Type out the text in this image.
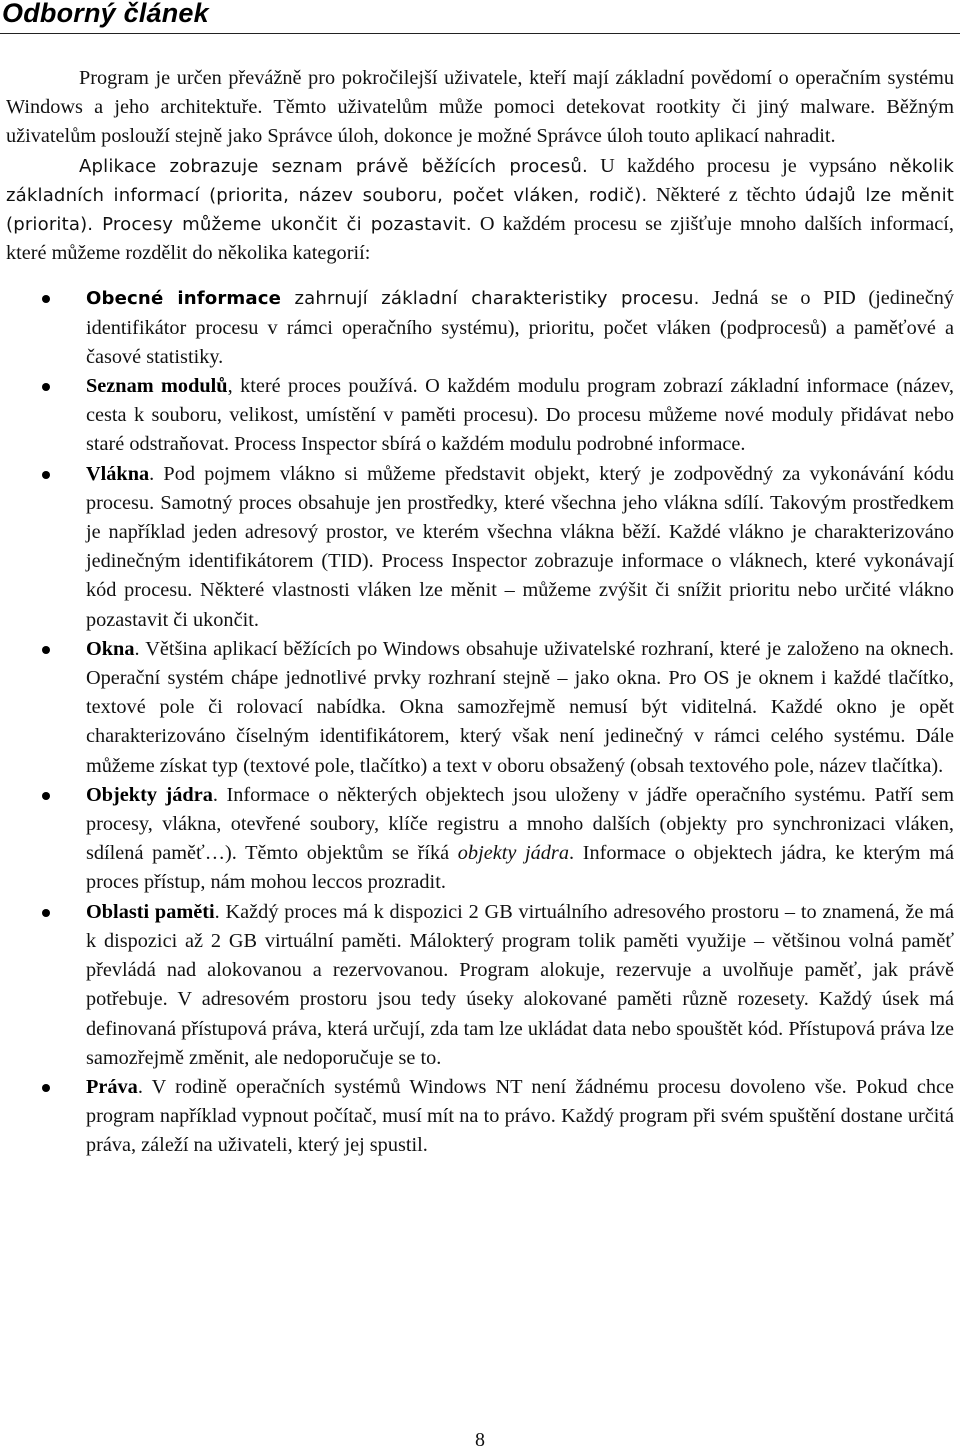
Odborný článek

Program je určen převážně pro pokročilejší uživatele, kteří mají základní povědomí o operačním systému Windows a jeho architektuře. Těmto uživatelům může pomoci detekovat rootkity či jiný malware. Běžným uživatelům poslouží stejně jako Správce úloh, dokonce je možné Správce úloh touto aplikací nahradit.

Aplikace zobrazuje seznam právě běžících procesů. U každého procesu je vypsáno několik základních informací (priorita, název souboru, počet vláken, rodič). Některé z těchto údajů lze měnit (priorita). Procesy můžeme ukončit či pozastavit. O každém procesu se zjišťuje mnoho dalších informací, které můžeme rozdělit do několika kategorií:

Obecné informace zahrnují základní charakteristiky procesu. Jedná se o PID (jedinečný identifikátor procesu v rámci operačního systému), prioritu, počet vláken (podprocesů) a paměťové a časové statistiky.
Seznam modulů, které proces používá. O každém modulu program zobrazí základní informace (název, cesta k souboru, velikost, umístění v paměti procesu). Do procesu můžeme nové moduly přidávat nebo staré odstraňovat. Process Inspector sbírá o každém modulu podrobné informace.
Vlákna. Pod pojmem vlákno si můžeme představit objekt, který je zodpovědný za vykonávání kódu procesu. Samotný proces obsahuje jen prostředky, které všechna jeho vlákna sdílí. Takovým prostředkem je například jeden adresový prostor, ve kterém všechna vlákna běží. Každé vlákno je charakterizováno jedinečným identifikátorem (TID). Process Inspector zobrazuje informace o vláknech, které vykonávají kód procesu. Některé vlastnosti vláken lze měnit – můžeme zvýšit či snížit prioritu nebo určité vlákno pozastavit či ukončit.
Okna. Většina aplikací běžících po Windows obsahuje uživatelské rozhraní, které je založeno na oknech. Operační systém chápe jednotlivé prvky rozhraní stejně – jako okna. Pro OS je oknem i každé tlačítko, textové pole či rolovací nabídka. Okna samozřejmě nemusí být viditelná. Každé okno je opět charakterizováno číselným identifikátorem, který však není jedinečný v rámci celého systému. Dále můžeme získat typ (textové pole, tlačítko) a text v oboru obsažený (obsah textového pole, název tlačítka).
Objekty jádra. Informace o některých objektech jsou uloženy v jádře operačního systému. Patří sem procesy, vlákna, otevřené soubory, klíče registru a mnoho dalších (objekty pro synchronizaci vláken, sdílená paměť…). Těmto objektům se říká objekty jádra. Informace o objektech jádra, ke kterým má proces přístup, nám mohou leccos prozradit.
Oblasti paměti. Každý proces má k dispozici 2 GB virtuálního adresového prostoru – to znamená, že má k dispozici až 2 GB virtuální paměti. Málokterý program tolik paměti využije – většinou volná paměť převládá nad alokovanou a rezervovanou. Program alokuje, rezervuje a uvolňuje paměť, jak právě potřebuje. V adresovém prostoru jsou tedy úseky alokované paměti různě rozesety. Každý úsek má definovaná přístupová práva, která určují, zda tam lze ukládat data nebo spouštět kód. Přístupová práva lze samozřejmě změnit, ale nedoporučuje se to.
Práva. V rodině operačních systémů Windows NT není žádnému procesu dovoleno vše. Pokud chce program například vypnout počítač, musí mít na to právo. Každý program při svém spuštění dostane určitá práva, záleží na uživateli, který jej spustil.
8
